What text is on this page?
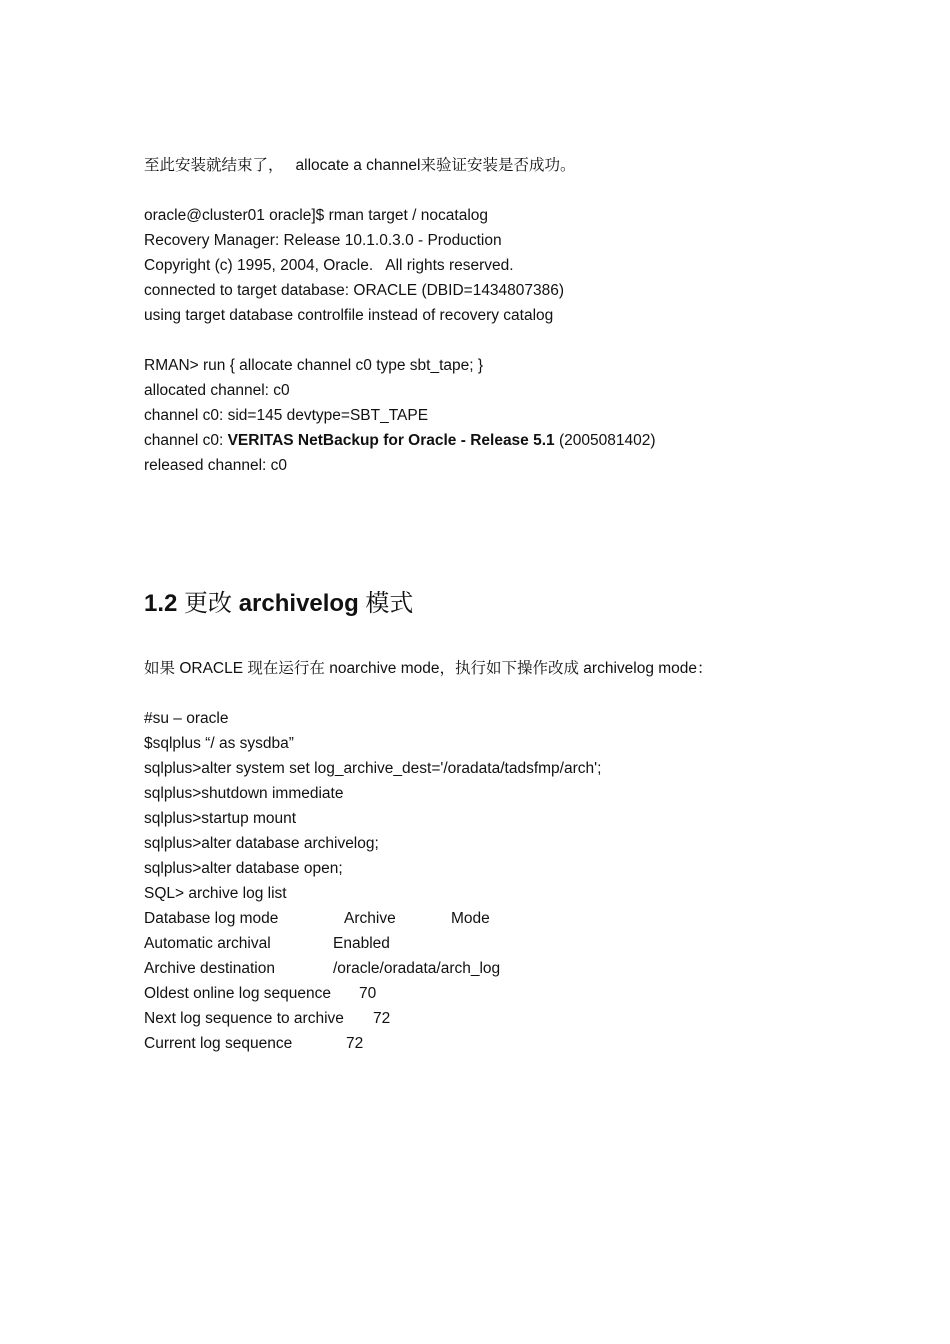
至此安装就结束了， allocate a channel来验证安装是否成功。
oracle@cluster01 oracle]$ rman target / nocatalog
Recovery Manager: Release 10.1.0.3.0 - Production
Copyright (c) 1995, 2004, Oracle.   All rights reserved.
connected to target database: ORACLE (DBID=1434807386)
using target database controlfile instead of recovery catalog
RMAN> run { allocate channel c0 type sbt_tape; }
allocated channel: c0
channel c0: sid=145 devtype=SBT_TAPE
channel c0: VERITAS NetBackup for Oracle - Release 5.1 (2005081402)
released channel: c0
1.2 更改 archivelog 模式
如果 ORACLE 现在运行在 noarchive mode，执行如下操作改成 archivelog mode：
#su – oracle
$sqlplus “/ as sysdba”
sqlplus>alter system set log_archive_dest='/oradata/tadsfmp/arch';
sqlplus>shutdown immediate
sqlplus>startup mount
sqlplus>alter database archivelog;
sqlplus>alter database open;
SQL> archive log list
Database log mode	Archive	Mode
Automatic archival	Enabled
Archive destination	/oracle/oradata/arch_log
Oldest online log sequence 70
Next log sequence to archive 72
Current log sequence	72
